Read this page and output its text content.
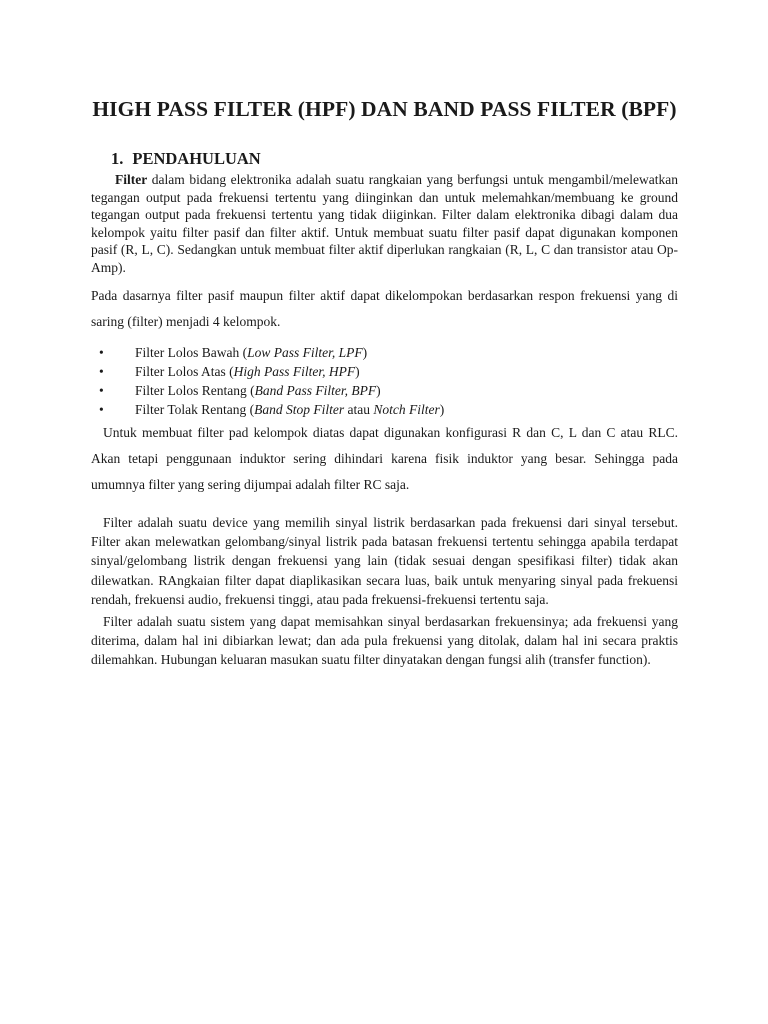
HIGH PASS FILTER (HPF) DAN BAND PASS FILTER (BPF)
1. PENDAHULUAN

Filter dalam bidang elektronika adalah suatu rangkaian yang berfungsi untuk mengambil/melewatkan tegangan output pada frekuensi tertentu yang diinginkan dan untuk melemahkan/membuang ke ground tegangan output pada frekuensi tertentu yang tidak diiginkan. Filter dalam elektronika dibagi dalam dua kelompok yaitu filter pasif dan filter aktif. Untuk membuat suatu filter pasif dapat digunakan komponen pasif (R, L, C). Sedangkan untuk membuat filter aktif diperlukan rangkaian (R, L, C dan transistor atau Op-Amp).

Pada dasarnya filter pasif maupun filter aktif dapat dikelompokan berdasarkan respon frekuensi yang di saring (filter) menjadi 4 kelompok.

• Filter Lolos Bawah (Low Pass Filter, LPF)
• Filter Lolos Atas (High Pass Filter, HPF)
• Filter Lolos Rentang (Band Pass Filter, BPF)
• Filter Tolak Rentang (Band Stop Filter atau Notch Filter)

Untuk membuat filter pad kelompok diatas dapat digunakan konfigurasi R dan C, L dan C atau RLC. Akan tetapi penggunaan induktor sering dihindari karena fisik induktor yang besar. Sehingga pada umumnya filter yang sering dijumpai adalah filter RC saja.

Filter adalah suatu device yang memilih sinyal listrik berdasarkan pada frekuensi dari sinyal tersebut. Filter akan melewatkan gelombang/sinyal listrik pada batasan frekuensi tertentu sehingga apabila terdapat sinyal/gelombang listrik dengan frekuensi yang lain (tidak sesuai dengan spesifikasi filter) tidak akan dilewatkan. RAngkaian filter dapat diaplikasikan secara luas, baik untuk menyaring sinyal pada frekuensi rendah, frekuensi audio, frekuensi tinggi, atau pada frekuensi-frekuensi tertentu saja.

Filter adalah suatu sistem yang dapat memisahkan sinyal berdasarkan frekuensinya; ada frekuensi yang diterima, dalam hal ini dibiarkan lewat; dan ada pula frekuensi yang ditolak, dalam hal ini secara praktis dilemahkan. Hubungan keluaran masukan suatu filter dinyatakan dengan fungsi alih (transfer function).
